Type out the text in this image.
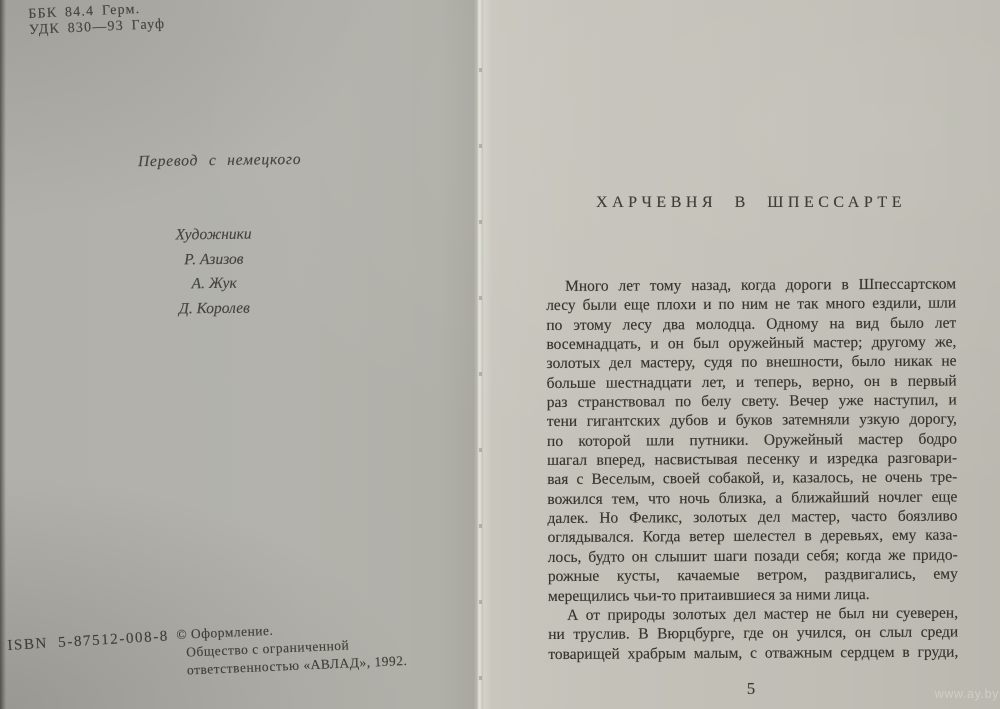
ББК 84.4 Герм.
УДК 830—93 Гауф
Перевод с немецкого
Художники
Р. Азизов
А. Жук
Д. Королев
ISBN 5-87512-008-8 © Оформление.
Общество с ограниченной
ответственностью «АВЛАД», 1992.
ХАРЧЕВНЯ В ШПЕССАРТЕ
Много лет тому назад, когда дороги в Шпессартском
лесу были еще плохи и по ним не так много ездили, шли
по этому лесу два молодца. Одному на вид было лет
восемнадцать, и он был оружейный мастер; другому же,
золотых дел мастеру, судя по внешности, было никак не
больше шестнадцати лет, и теперь, верно, он в первый
раз странствовал по белу свету. Вечер уже наступил, и
тени гигантских дубов и буков затемняли узкую дорогу,
по которой шли путники. Оружейный мастер бодро
шагал вперед, насвистывая песенку и изредка разговари-
вая с Веселым, своей собакой, и, казалось, не очень тре-
вожился тем, что ночь близка, а ближайший ночлег еще
далек. Но Феликс, золотых дел мастер, часто боязливо
оглядывался. Когда ветер шелестел в деревьях, ему каза-
лось, будто он слышит шаги позади себя; когда же придо-
рожные кусты, качаемые ветром, раздвигались, ему
мерещились чьи-то притаившиеся за ними лица.
А от природы золотых дел мастер не был ни суеверен,
ни труслив. В Вюрцбурге, где он учился, он слыл среди
товарищей храбрым малым, с отважным сердцем в груди,
5	www.ay.by
